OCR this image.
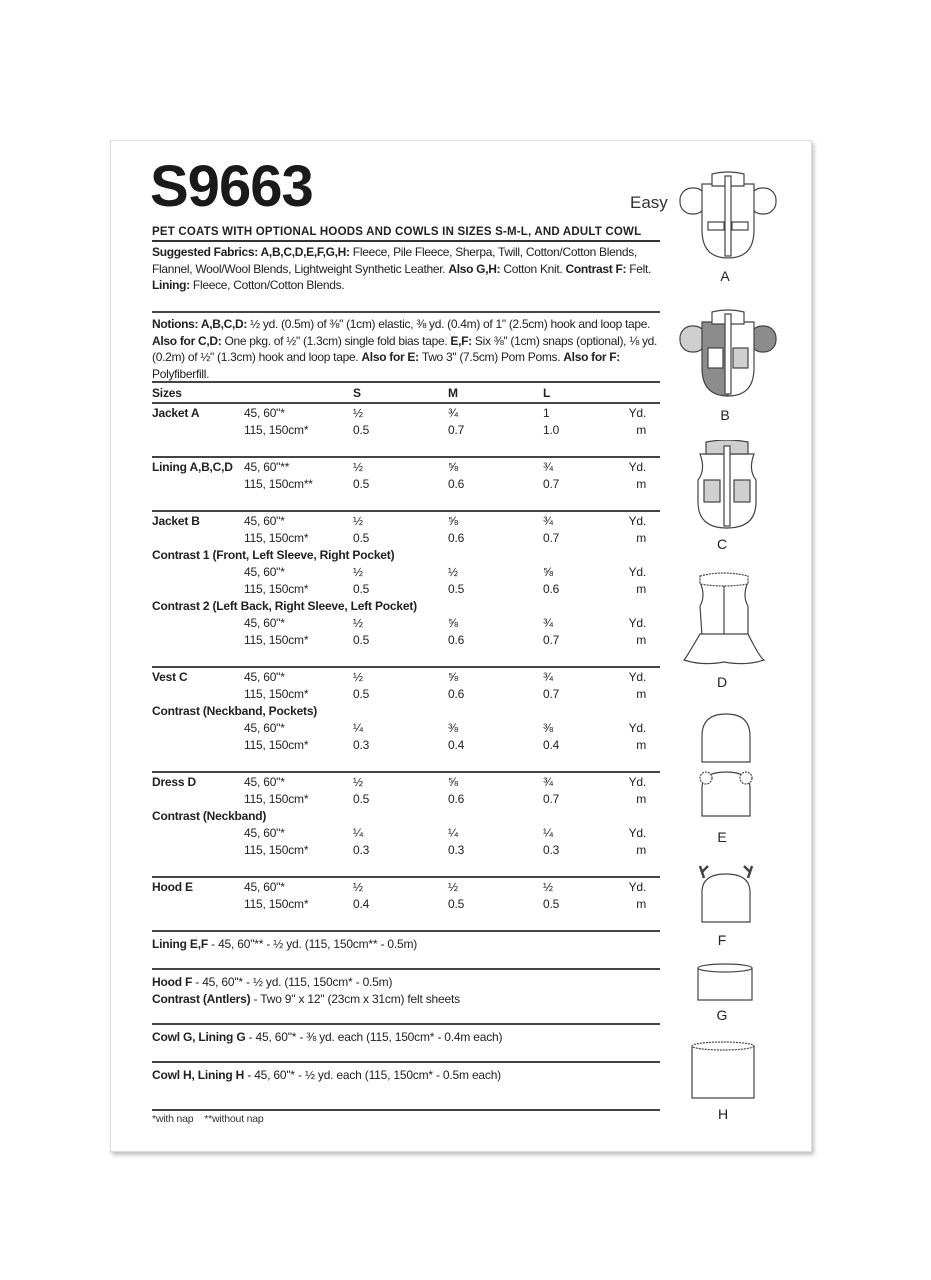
S9663	Easy
PET COATS WITH OPTIONAL HOODS AND COWLS IN SIZES S-M-L, AND ADULT COWL
Suggested Fabrics: A,B,C,D,E,F,G,H: Fleece, Pile Fleece, Sherpa, Twill, Cotton/Cotton Blends, Flannel, Wool/Wool Blends, Lightweight Synthetic Leather. Also G,H: Cotton Knit. Contrast F: Felt. Lining: Fleece, Cotton/Cotton Blends.
Notions: A,B,C,D: ½ yd. (0.5m) of ⅜" (1cm) elastic, ⅜ yd. (0.4m) of 1" (2.5cm) hook and loop tape. Also for C,D: One pkg. of ½" (1.3cm) single fold bias tape. E,F: Six ⅜" (1cm) snaps (optional), ⅛ yd. (0.2m) of ½" (1.3cm) hook and loop tape. Also for E: Two 3" (7.5cm) Pom Poms. Also for F: Polyfiberfill.
Sizes	S	M	L
Jacket A	45, 60"*	½	¾	1	Yd.
115, 150cm*	0.5	0.7	1.0	m
Lining A,B,C,D 45, 60"**	½	⅝	¾	Yd.
115, 150cm**	0.5	0.6	0.7	m
Jacket B	45, 60"*	½	⅝	¾	Yd.
115, 150cm*	0.5	0.6	0.7	m
Contrast 1 (Front, Left Sleeve, Right Pocket)
45, 60"*	½	½	⅝	Yd.
115, 150cm*	0.5	0.5	0.6	m
Contrast 2 (Left Back, Right Sleeve, Left Pocket)
45, 60"*	½	⅝	¾	Yd.
115, 150cm*	0.5	0.6	0.7	m
Vest C	45, 60"*	½	⅝	¾	Yd.
115, 150cm*	0.5	0.6	0.7	m
Contrast (Neckband, Pockets)
45, 60"*	¼	⅜	⅜	Yd.
115, 150cm*	0.3	0.4	0.4	m
Dress D	45, 60"*	½	⅝	¾	Yd.
115, 150cm*	0.5	0.6	0.7	m
Contrast (Neckband)
45, 60"*	¼	¼	¼	Yd.
115, 150cm*	0.3	0.3	0.3	m
Hood E	45, 60"*	½	½	½	Yd.
115, 150cm*	0.4	0.5	0.5	m
Lining E,F - 45, 60"** - ½ yd. (115, 150cm** - 0.5m)
Hood F - 45, 60"* - ½ yd. (115, 150cm* - 0.5m)
Contrast (Antlers) - Two 9" x 12" (23cm x 31cm) felt sheets
Cowl G, Lining G - 45, 60"* - ⅜ yd. each (115, 150cm* - 0.4m each)
Cowl H, Lining H - 45, 60"* - ½ yd. each (115, 150cm* - 0.5m each)
*with nap    **without nap
A
B
C
D
E
F
G
H
